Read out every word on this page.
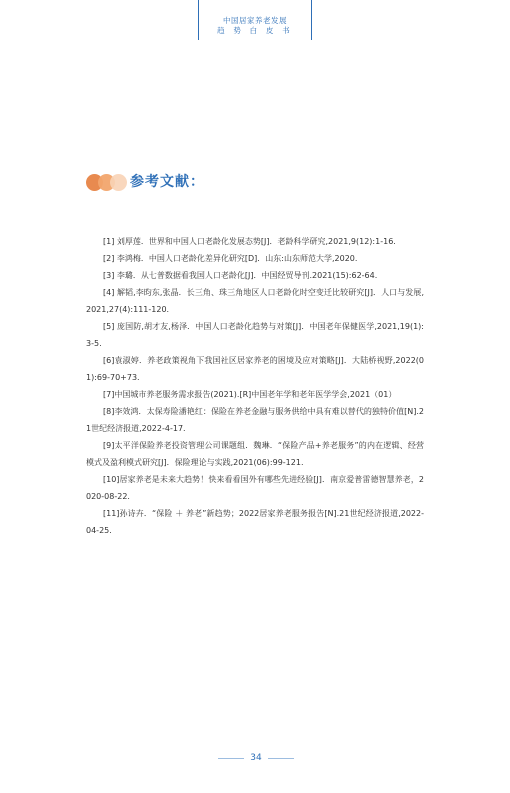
中国居家养老发展
趋 势 白 皮 书
参考文献：

[1] 刘厚莲．世界和中国人口老龄化发展态势[J]．老龄科学研究,2021,9(12):1-16.

[2] 李鸿梅．中国人口老龄化差异化研究[D]．山东:山东师范大学,2020.

[3] 李璐．从七普数据看我国人口老龄化[J]．中国经贸导刊.2021(15):62-64.

[4] 解韬,李昀东,张晶．长三角、珠三角地区人口老龄化时空变迁比较研究[J]．人口与发展,2021,27(4):111-120.

[5] 庞国防,胡才友,杨泽．中国人口老龄化趋势与对策[J]．中国老年保健医学,2021,19(1):3-5.

[6]袁淑婷．养老政策视角下我国社区居家养老的困境及应对策略[J]．大陆桥视野,2022(01):69-70+73.

[7]中国城市养老服务需求报告(2021).[R]中国老年学和老年医学学会,2021（01）

[8]李效鸿．太保寿险潘艳红：保险在养老金融与服务供给中具有难以替代的独特价值[N].21世纪经济报道,2022-4-17.

[9]太平洋保险养老投资管理公司课题组．魏琳．“保险产品+养老服务”的内在逻辑、经营模式及盈利模式研究[J]．保险理论与实践,2021(06):99-121.

[10]居家养老是未来大趋势！快来看看国外有哪些先进经验[J]．南京爱普雷德智慧养老，2020-08-22.

[11]孙诗卉．“保险 ＋ 养老”新趋势；2022居家养老服务报告[N].21世纪经济报道,2022-04-25.

34
